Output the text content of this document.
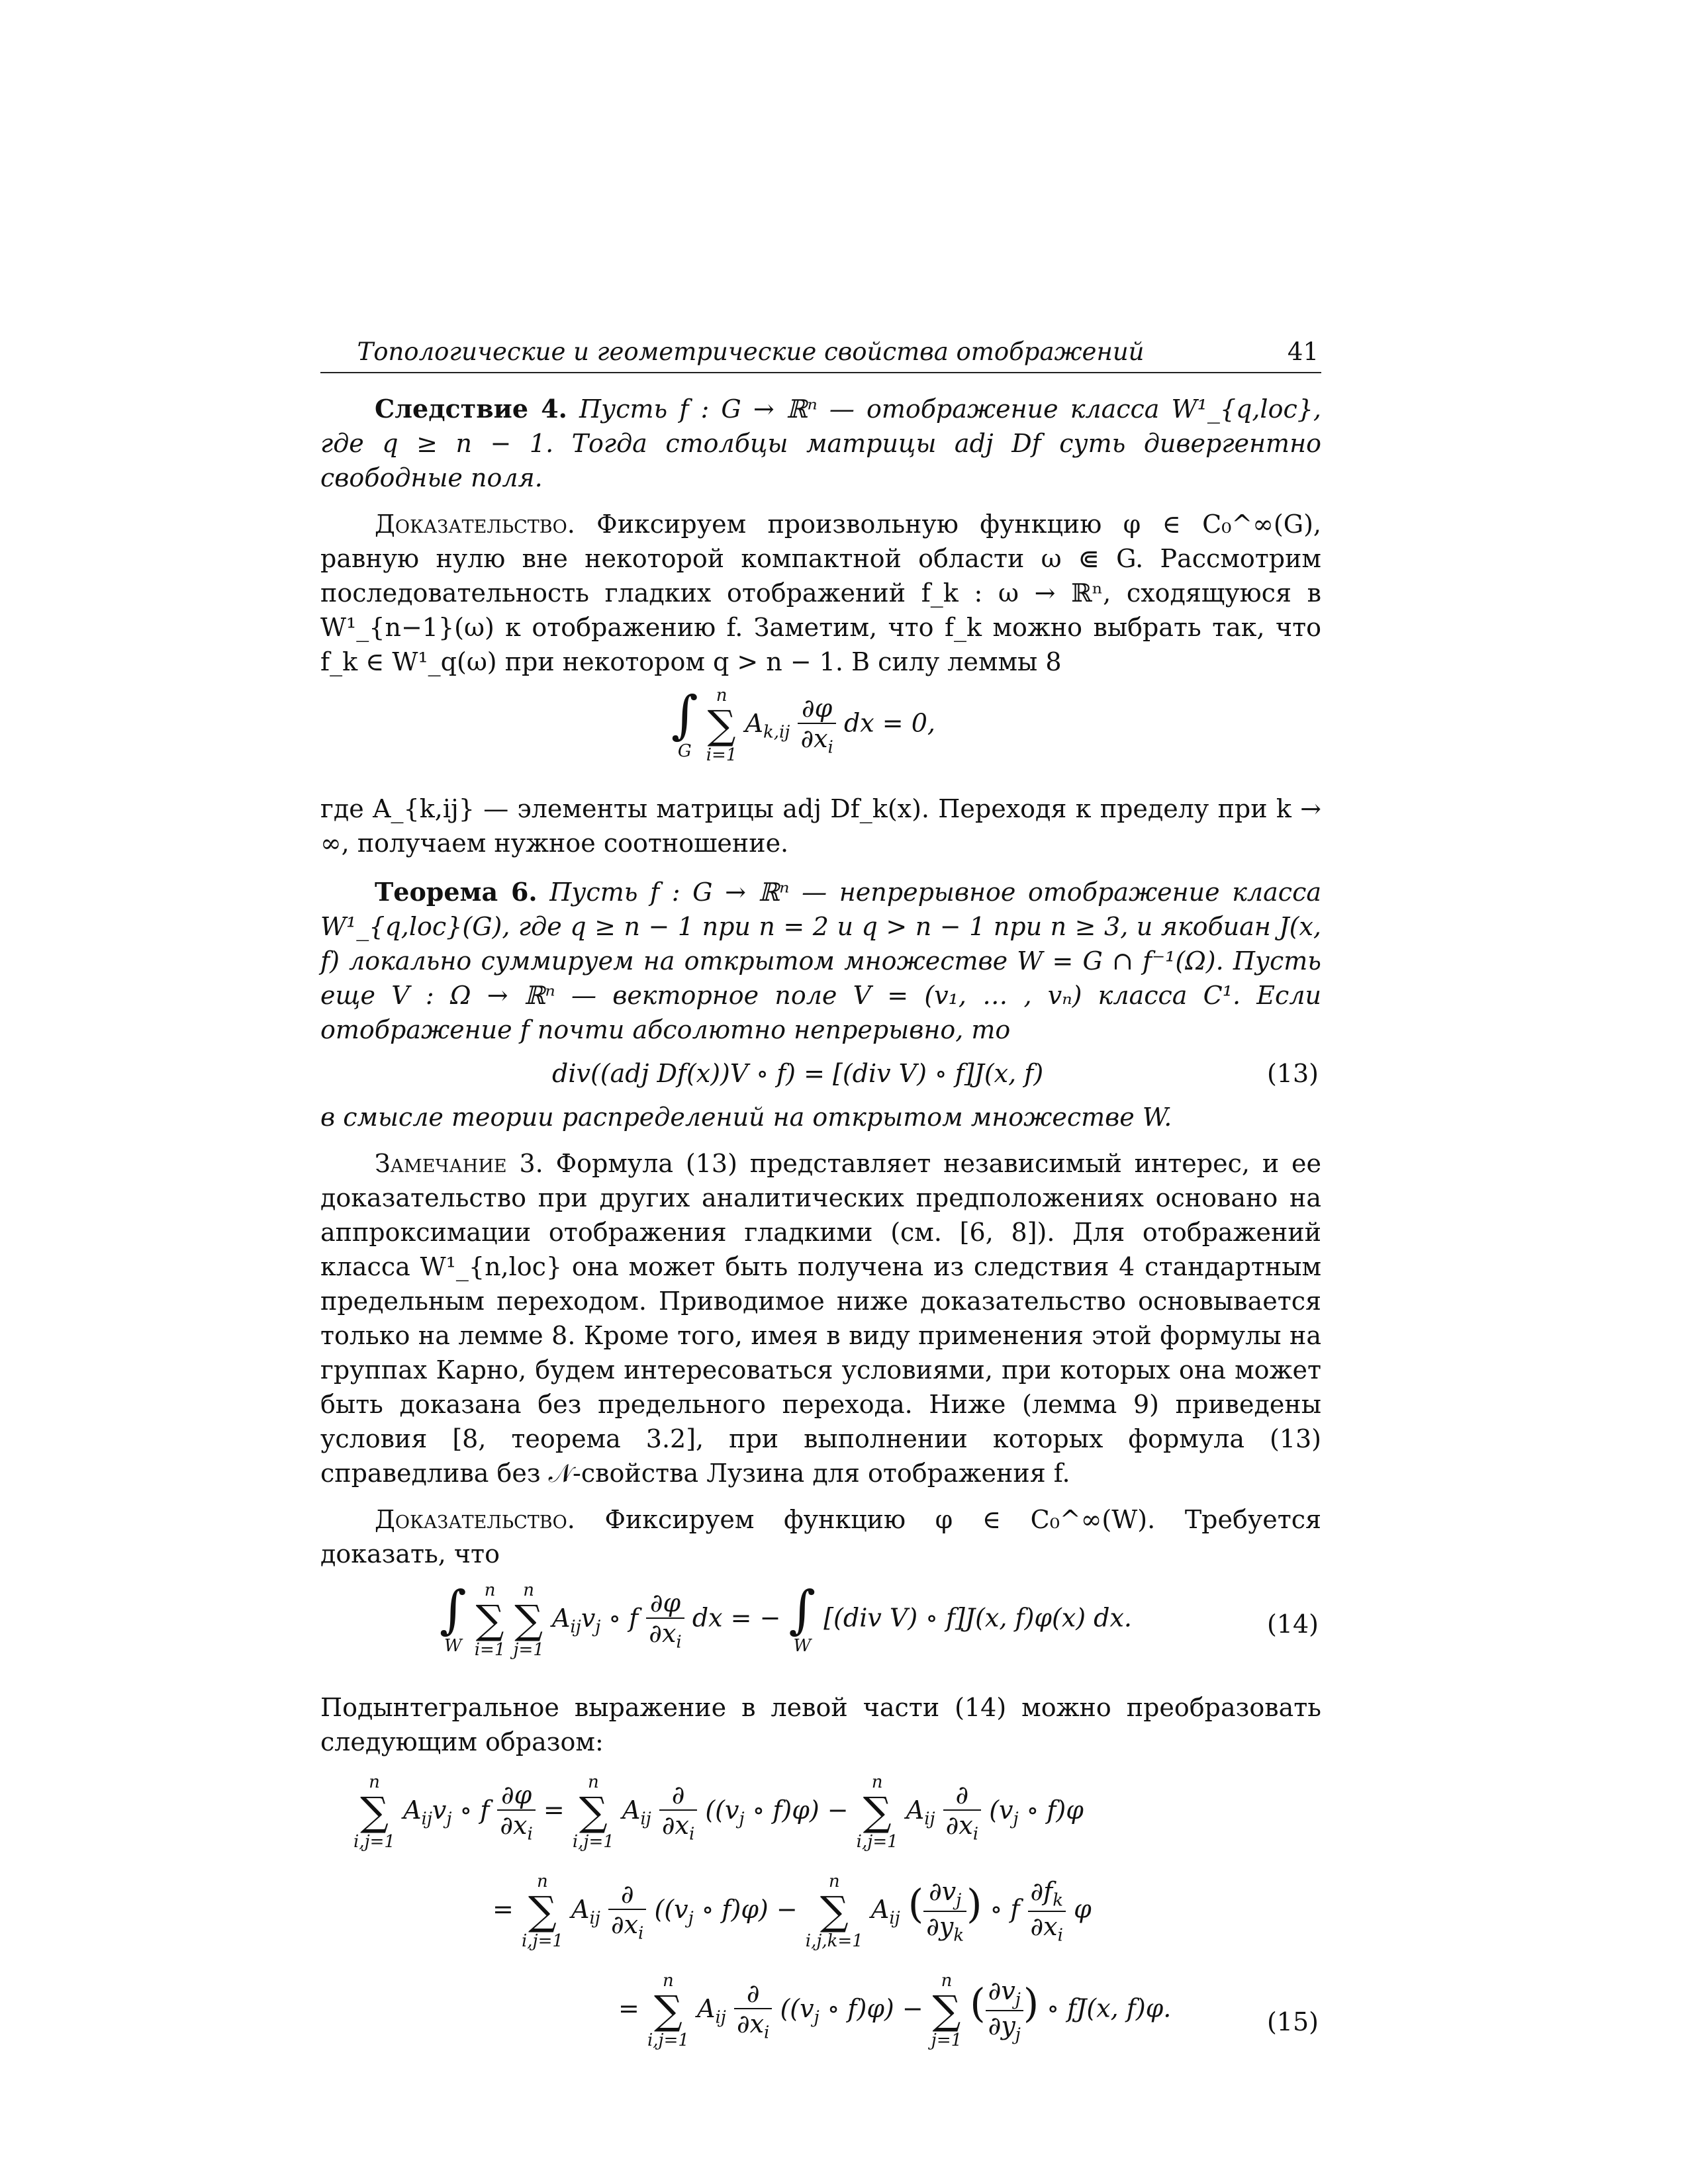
Топологические и геометрические свойства отображений	41

Следствие 4. Пусть f : G → ℝⁿ — отображение класса W¹_{q,loc}, где q ≥ n − 1. Тогда столбцы матрицы adj Df суть дивергентно свободные поля.

Доказательство. Фиксируем произвольную функцию φ ∈ C₀^∞(G), равную нулю вне некоторой компактной области ω ⋐ G. Рассмотрим последовательность гладких отображений f_k : ω → ℝⁿ, сходящуюся в W¹_{n−1}(ω) к отображению f. Заметим, что f_k можно выбрать так, что f_k ∈ W¹_q(ω) при некотором q > n − 1. В силу леммы 8

∫
G

n
∑
i=1
$A_{k,ij} \frac{\partial\varphi}{\partial x_i}$ dx = 0,

где A_{k,ij} — элементы матрицы adj Df_k(x). Переходя к пределу при k → ∞, получаем нужное соотношение.

Теорема 6. Пусть f : G → ℝⁿ — непрерывное отображение класса W¹_{q,loc}(G), где q ≥ n − 1 при n = 2 и q > n − 1 при n ≥ 3, и якобиан J(x, f) локально суммируем на открытом множестве W = G ∩ f⁻¹(Ω). Пусть еще V : Ω → ℝⁿ — векторное поле V = (v₁, … , vₙ) класса C¹. Если отображение f почти абсолютно непрерывно, то

div((adj Df(x))V ∘ f) = [(div V) ∘ f]J(x, f)	(13)

в смысле теории распределений на открытом множестве W.

Замечание 3. Формула (13) представляет независимый интерес, и ее доказательство при других аналитических предположениях основано на аппроксимации отображения гладкими (см. [6, 8]). Для отображений класса W¹_{n,loc} она может быть получена из следствия 4 стандартным предельным переходом. Приводимое ниже доказательство основывается только на лемме 8. Кроме того, имея в виду применения этой формулы на группах Карно, будем интересоваться условиями, при которых она может быть доказана без предельного перехода. Ниже (лемма 9) приведены условия [8, теорема 3.2], при выполнении которых формула (13) справедлива без 𝒩-свойства Лузина для отображения f.

Доказательство. Фиксируем функцию φ ∈ C₀^∞(W). Требуется доказать, что

∫
W

n
∑
i=1

n
∑
j=1
$A_{ij}v_j$ ∘ f $\frac{\partial\varphi}{\partial x_i}$ dx = − ∫
W
[(div V) ∘ f]J(x, f)φ(x) dx.	(14)

Подынтегральное выражение в левой части (14) можно преобразовать следующим образом:

n
∑
i,j=1
$A_{ij}v_j$ ∘ f $\frac{\partial\varphi}{\partial x_i}$ =
n
∑
i,j=1
$A_{ij} \frac{\partial}{\partial x_i} ((v_j$ ∘ f)φ) −
n
∑
i,j=1
$A_{ij} \frac{\partial}{\partial x_i} (v_j$ ∘ f)φ
=
n
∑
i,j=1
$A_{ij} \frac{\partial}{\partial x_i} ((v_j$ ∘ f)φ) −
n
∑
i,j,k=1
$A_{ij}$ ( $\frac{\partial v_j}{\partial y_k}$ ) ∘ f $\frac{\partial f_k}{\partial x_i}$ φ
=
n
∑
i,j=1
$A_{ij} \frac{\partial}{\partial x_i} ((v_j$ ∘ f)φ) −
n
∑
j=1
( $\frac{\partial v_j}{\partial y_j}$ ) ∘ fJ(x, f)φ.	(15)
